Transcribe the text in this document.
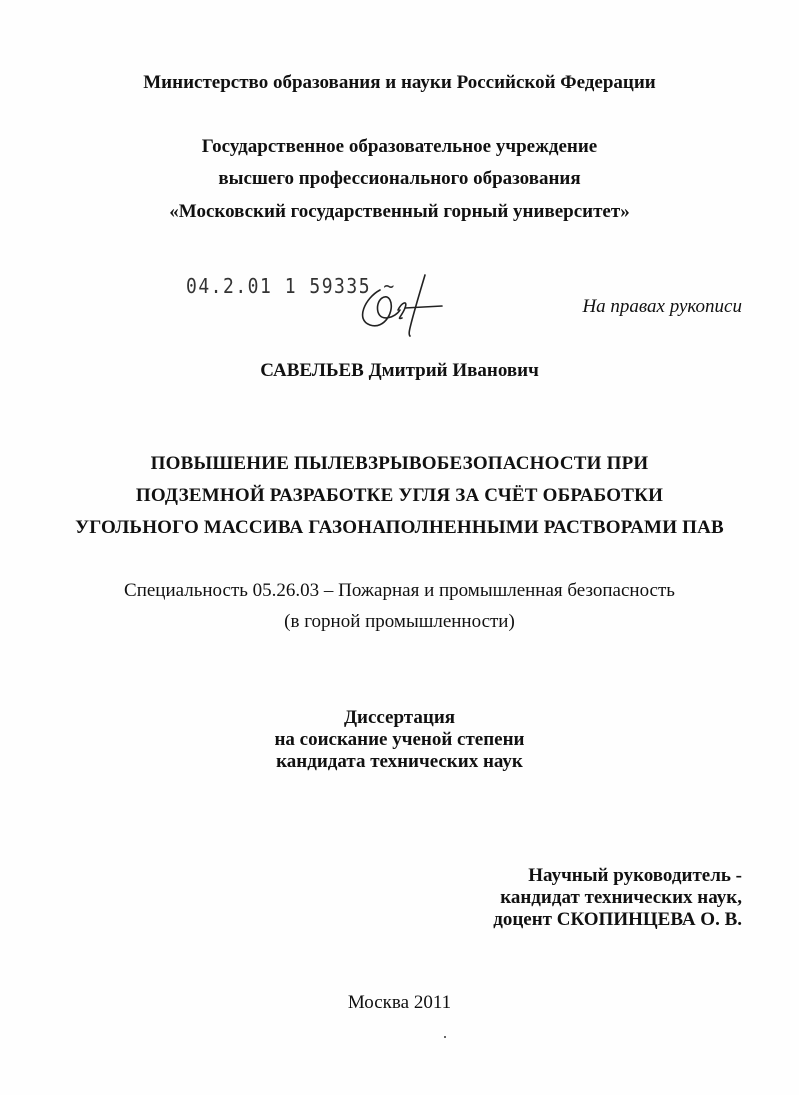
Министерство образования и науки Российской Федерации
Государственное образовательное учреждение
высшего профессионального образования
«Московский государственный горный университет»
04.2.01 1 59335 ~
На правах рукописи
САВЕЛЬЕВ Дмитрий Иванович
ПОВЫШЕНИЕ ПЫЛЕВЗРЫВОБЕЗОПАСНОСТИ ПРИ
ПОДЗЕМНОЙ РАЗРАБОТКЕ УГЛЯ ЗА СЧЁТ ОБРАБОТКИ
УГОЛЬНОГО МАССИВА ГАЗОНАПОЛНЕННЫМИ РАСТВОРАМИ ПАВ
Специальность 05.26.03 – Пожарная и промышленная безопасность
(в горной промышленности)
Диссертация
на соискание ученой степени
кандидата технических наук
Научный руководитель -
кандидат технических наук,
доцент СКОПИНЦЕВА О. В.
Москва 2011
